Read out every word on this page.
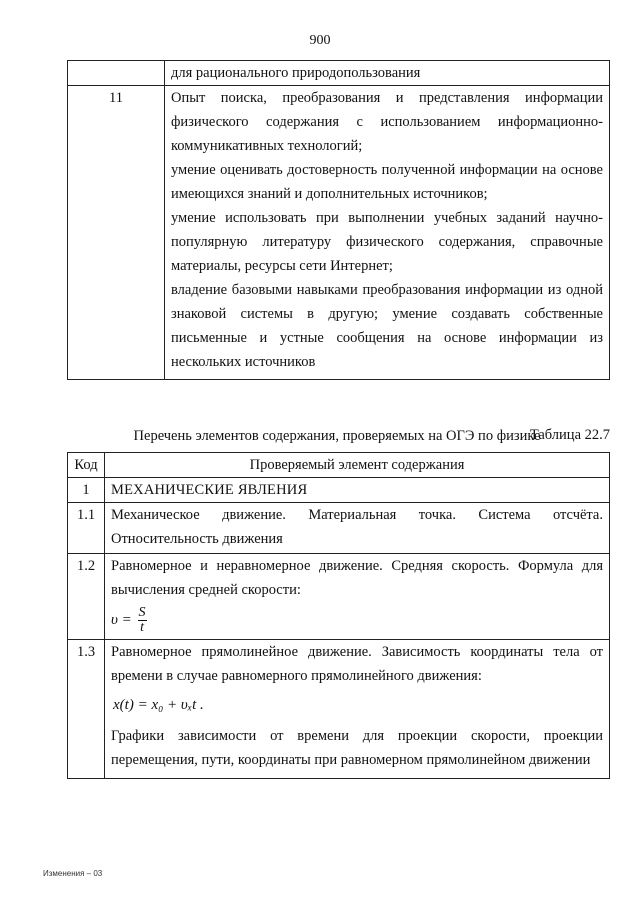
900

	для рационального природопользования

11	Опыт поиска, преобразования и представления информации физического содержания с использованием информационно-коммуникативных технологий;

умение оценивать достоверность полученной информации на основе имеющихся знаний и дополнительных источников;

умение использовать при выполнении учебных заданий научно-популярную литературу физического содержания, справочные материалы, ресурсы сети Интернет;

владение базовыми навыками преобразования информации из одной знаковой системы в другую; умение создавать собственные письменные и устные сообщения на основе информации из нескольких источников

Таблица 22.7
Перечень элементов содержания, проверяемых на ОГЭ по физике
Код	Проверяемый элемент содержания
1	МЕХАНИЧЕСКИЕ ЯВЛЕНИЯ
1.1	Механическое движение. Материальная точка. Система отсчёта. Относительность движения
1.2	Равномерное и неравномерное движение. Средняя скорость. Формула для вычисления средней скорости:
$\upsilon = \frac{S}{t}$

1.3	Равномерное прямолинейное движение. Зависимость координаты тела от времени в случае равномерного прямолинейного движения:
x(t) = x₀ + υₓt .
Графики зависимости от времени для проекции скорости, проекции перемещения, пути, координаты при равномерном прямолинейном движении
Изменения – 03
